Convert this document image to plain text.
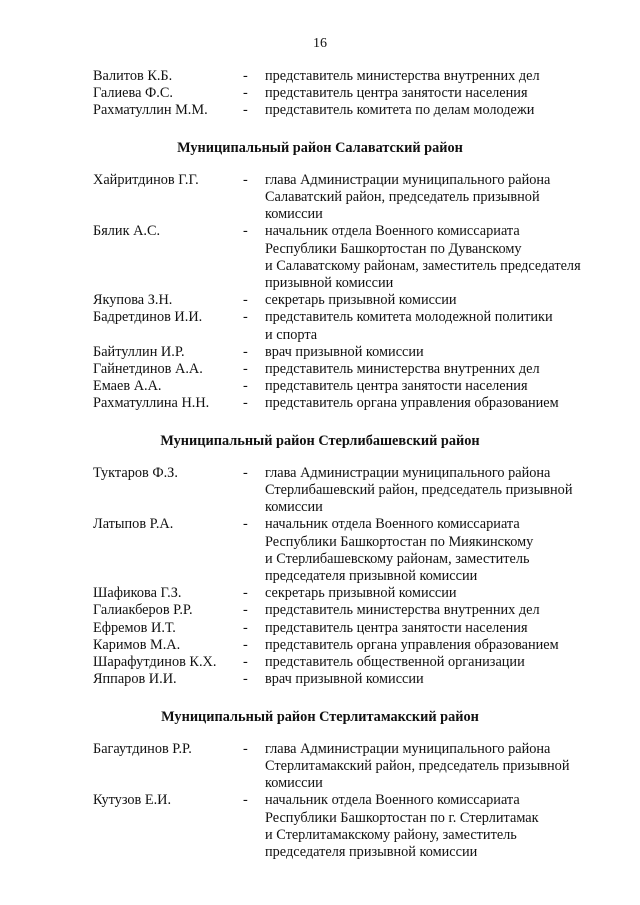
16
Валитов К.Б.	-	представитель министерства внутренних дел
Галиева Ф.С.	-	представитель центра занятости населения
Рахматуллин М.М.	-	представитель комитета по делам молодежи
Муниципальный район Салаватский район
Хайритдинов Г.Г.	-	глава Администрации муниципального района
Салаватский район, председатель призывной
комиссии
Бялик А.С.	-	начальник отдела Военного комиссариата
Республики Башкортостан по Дуванскому
и Салаватскому районам, заместитель председателя
призывной комиссии
Якупова З.Н.	-	секретарь призывной комиссии
Бадретдинов И.И.	-	представитель комитета молодежной политики
и спорта
Байтуллин И.Р.	-	врач призывной комиссии
Гайнетдинов А.А.	-	представитель министерства внутренних дел
Емаев А.А.	-	представитель центра занятости населения
Рахматуллина Н.Н.	-	представитель органа управления образованием
Муниципальный район Стерлибашевский район
Туктаров Ф.З.	-	глава Администрации муниципального района
Стерлибашевский район, председатель призывной
комиссии
Латыпов Р.А.	-	начальник отдела Военного комиссариата
Республики Башкортостан по Миякинскому
и Стерлибашевскому районам, заместитель
председателя призывной комиссии
Шафикова Г.З.	-	секретарь призывной комиссии
Галиакберов Р.Р.	-	представитель министерства внутренних дел
Ефремов И.Т.	-	представитель центра занятости населения
Каримов М.А.	-	представитель органа управления образованием
Шарафутдинов К.Х.	-	представитель общественной организации
Яппаров И.И.	-	врач призывной комиссии
Муниципальный район Стерлитамакский район
Багаутдинов Р.Р.	-	глава Администрации муниципального района
Стерлитамакский район, председатель призывной
комиссии
Кутузов Е.И.	-	начальник отдела Военного комиссариата
Республики Башкортостан по г. Стерлитамак
и Стерлитамакскому району, заместитель
председателя призывной комиссии
